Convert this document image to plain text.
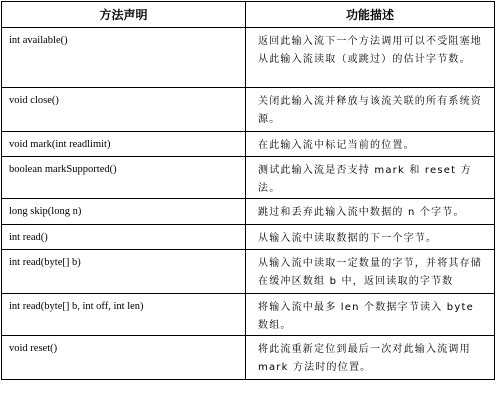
方法声明	功能描述
int available()	返回此输入流下一个方法调用可以不受阻塞地从此输入流读取（或跳过）的估计字节数。
void close()	关闭此输入流并释放与该流关联的所有系统资源。
void mark(int readlimit)	在此输入流中标记当前的位置。
boolean markSupported()	测试此输入流是否支持 mark 和 reset 方法。
long skip(long n)	跳过和丢弃此输入流中数据的 n 个字节。
int read()	从输入流中读取数据的下一个字节。
int read(byte[] b)	从输入流中读取一定数量的字节，并将其存储在缓冲区数组 b 中，返回读取的字节数
int read(byte[] b, int off, int len)	将输入流中最多 len 个数据字节读入 byte 数组。
void reset()	将此流重新定位到最后一次对此输入流调用 mark 方法时的位置。
